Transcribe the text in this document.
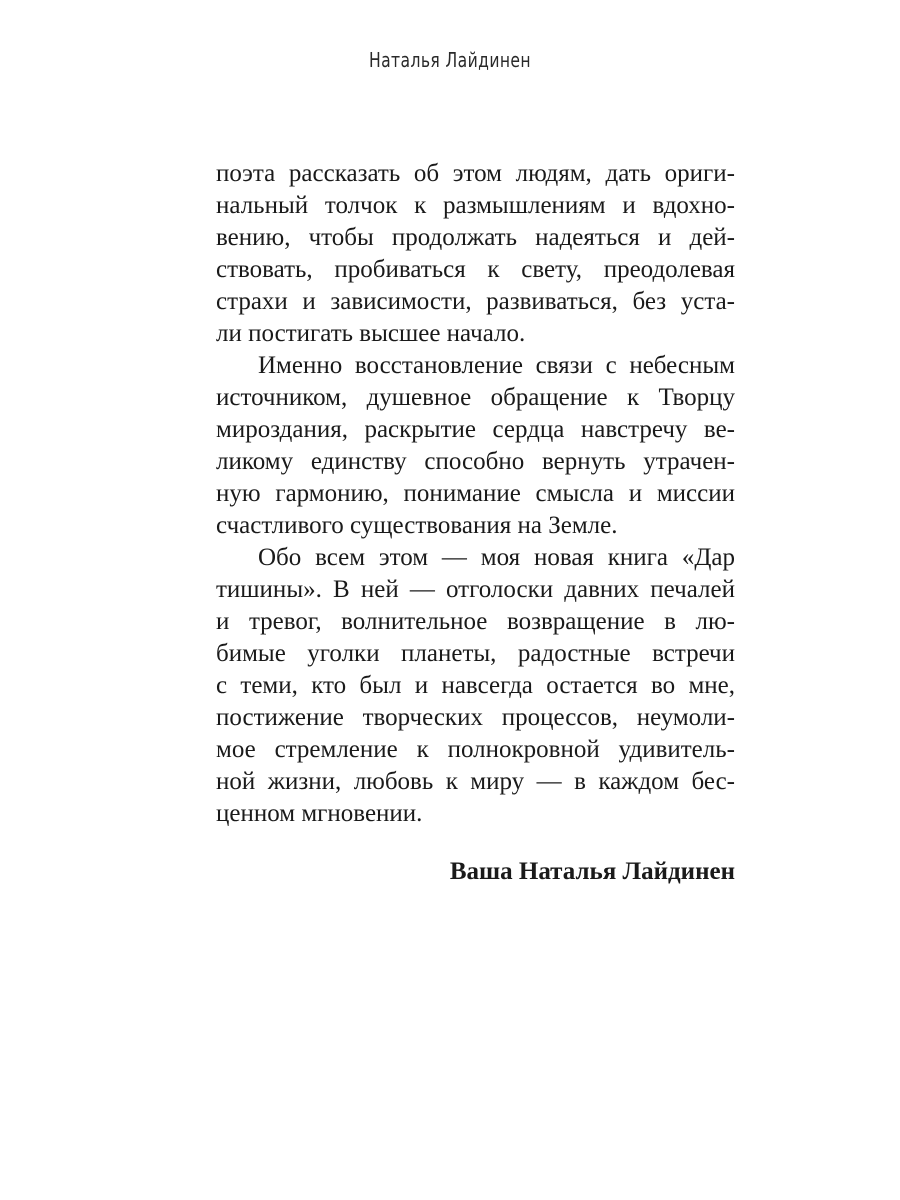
Наталья Лайдинен
поэта рассказать об этом людям, дать ориги-
нальный толчок к размышлениям и вдохно-
вению, чтобы продолжать надеяться и дей-
ствовать, пробиваться к свету, преодолевая
страхи и зависимости, развиваться, без уста-
ли постигать высшее начало.
Именно восстановление связи с небесным
источником, душевное обращение к Творцу
мироздания, раскрытие сердца навстречу ве-
ликому единству способно вернуть утрачен-
ную гармонию, понимание смысла и миссии
счастливого существования на Земле.
Обо всем этом — моя новая книга «Дар
тишины». В ней — отголоски давних печалей
и тревог, волнительное возвращение в лю-
бимые уголки планеты, радостные встречи
с теми, кто был и навсегда остается во мне,
постижение творческих процессов, неумоли-
мое стремление к полнокровной удивитель-
ной жизни, любовь к миру — в каждом бес-
ценном мгновении.
Ваша Наталья Лайдинен
